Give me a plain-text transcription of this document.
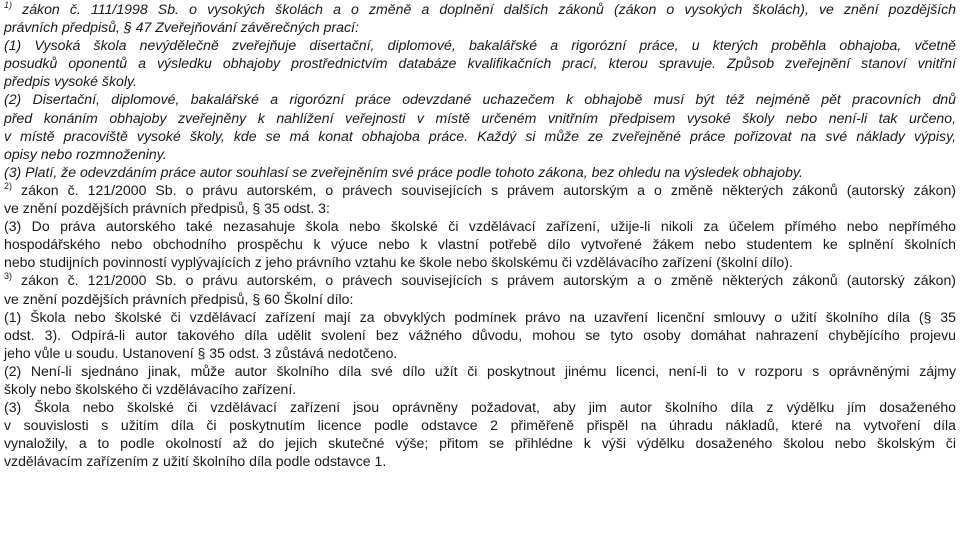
$^{1)}$ zákon č. 111/1998 Sb. o vysokých školách a o změně a doplnění dalších zákonů (zákon o vysokých školách), ve znění pozdějších
právních předpisů, § 47 Zveřejňování závěrečných prací:
(1) Vysoká škola nevýdělečně zveřejňuje disertační, diplomové, bakalářské a rigorózní práce, u kterých proběhla obhajoba, včetně
posudků oponentů a výsledku obhajoby prostřednictvím databáze kvalifikačních prací, kterou spravuje. Způsob zveřejnění stanoví vnitřní
předpis vysoké školy.
(2) Disertační, diplomové, bakalářské a rigorózní práce odevzdané uchazečem k obhajobě musí být též nejméně pět pracovních dnů
před konáním obhajoby zveřejněny k nahlížení veřejnosti v místě určeném vnitřním předpisem vysoké školy nebo není-li tak určeno,
v místě pracoviště vysoké školy, kde se má konat obhajoba práce. Každý si může ze zveřejněné práce pořizovat na své náklady výpisy,
opisy nebo rozmnoženiny.
(3) Platí, že odevzdáním práce autor souhlasí se zveřejněním své práce podle tohoto zákona, bez ohledu na výsledek obhajoby.
$^{2)}$ zákon č. 121/2000 Sb. o právu autorském, o právech souvisejících s právem autorským a o změně některých zákonů (autorský zákon)
ve znění pozdějších právních předpisů, § 35 odst. 3:
(3) Do práva autorského také nezasahuje škola nebo školské či vzdělávací zařízení, užije-li nikoli za účelem přímého nebo nepřímého
hospodářského nebo obchodního prospěchu k výuce nebo k vlastní potřebě dílo vytvořené žákem nebo studentem ke splnění školních
nebo studijních povinností vyplývajících z jeho právního vztahu ke škole nebo školskému či vzdělávacího zařízení (školní dílo).
$^{3)}$ zákon č. 121/2000 Sb. o právu autorském, o právech souvisejících s právem autorským a o změně některých zákonů (autorský zákon)
ve znění pozdějších právních předpisů, § 60 Školní dílo:
(1) Škola nebo školské či vzdělávací zařízení mají za obvyklých podmínek právo na uzavření licenční smlouvy o užití školního díla (§ 35
odst. 3). Odpírá-li autor takového díla udělit svolení bez vážného důvodu, mohou se tyto osoby domáhat nahrazení chybějícího projevu
jeho vůle u soudu. Ustanovení § 35 odst. 3 zůstává nedotčeno.
(2) Není-li sjednáno jinak, může autor školního díla své dílo užít či poskytnout jinému licenci, není-li to v rozporu s oprávněnými zájmy
školy nebo školského či vzdělávacího zařízení.
(3) Škola nebo školské či vzdělávací zařízení jsou oprávněny požadovat, aby jim autor školního díla z výdělku jím dosaženého
v souvislosti s užitím díla či poskytnutím licence podle odstavce 2 přiměřeně přispěl na úhradu nákladů, které na vytvoření díla
vynaložily, a to podle okolností až do jejich skutečné výše; přitom se přihlédne k výši výdělku dosaženého školou nebo školským či
vzdělávacím zařízením z užití školního díla podle odstavce 1.
